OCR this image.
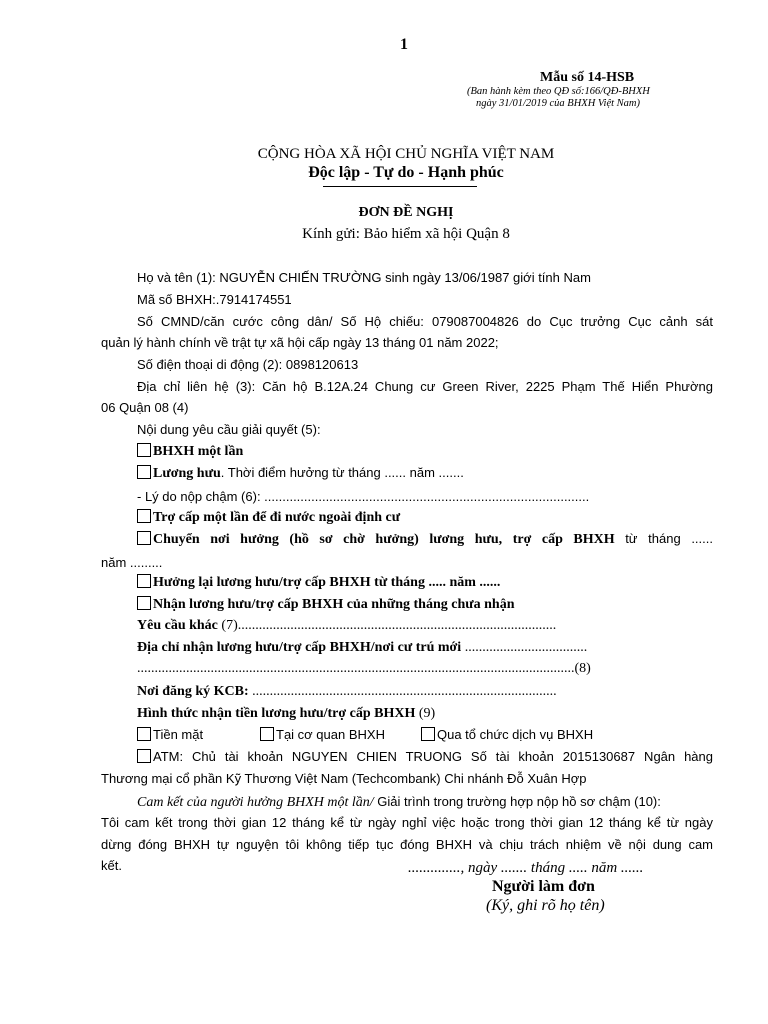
1
Mẫu số 14-HSB
(Ban hành kèm theo QĐ số:166/QĐ-BHXH
ngày 31/01/2019 của BHXH Việt Nam)
CỘNG HÒA XÃ HỘI CHỦ NGHĨA VIỆT NAM
Độc lập - Tự do - Hạnh phúc
ĐƠN ĐỀ NGHỊ
Kính gửi: Bảo hiểm xã hội Quận 8
Họ và tên (1): NGUYỄN CHIẾN TRƯỜNG sinh ngày 13/06/1987 giới tính Nam
Mã số BHXH:.7914174551
Số CMND/căn cước công dân/ Số Hộ chiếu: 079087004826 do Cục trưởng Cục cảnh sát
quản lý hành chính về trật tự xã hội cấp ngày 13 tháng 01 năm 2022;
Số điện thoại di động (2): 0898120613
Địa chỉ liên hệ (3): Căn hộ B.12A.24 Chung cư Green River, 2225 Phạm Thế Hiển Phường
06 Quận 08 (4)
Nội dung yêu cầu giải quyết (5):
BHXH một lần
Lương hưu. Thời điểm hưởng từ tháng ...... năm .......
- Lý do nộp chậm (6): ..........................................................................................
Trợ cấp một lần để đi nước ngoài định cư
Chuyển nơi hưởng (hồ sơ chờ hưởng) lương hưu, trợ cấp BHXH từ tháng ......
năm .........
Hưởng lại lương hưu/trợ cấp BHXH từ tháng ..... năm ......
Nhận lương hưu/trợ cấp BHXH của những tháng chưa nhận
Yêu cầu khác (7)...........................................................................................
Địa chỉ nhận lương hưu/trợ cấp BHXH/nơi cư trú mới ...................................
.............................................................................................................................(8)
Nơi đăng ký KCB: .......................................................................................
Hình thức nhận tiền lương hưu/trợ cấp BHXH (9)
Tiền mặt	Tại cơ quan BHXH	Qua tổ chức dịch vụ BHXH
ATM: Chủ tài khoản NGUYEN CHIEN TRUONG Số tài khoản 2015130687 Ngân hàng
Thương mại cổ phần Kỹ Thương Việt Nam (Techcombank) Chi nhánh Đỗ Xuân Hợp
Cam kết của người hưởng BHXH một lần/ Giải trình trong trường hợp nộp hồ sơ chậm (10):
Tôi cam kết trong thời gian 12 tháng kể từ ngày nghỉ việc hoặc trong thời gian 12 tháng kể từ ngày
dừng đóng BHXH tự nguyện tôi không tiếp tục đóng BHXH và chịu trách nhiệm về nội dung cam
kết.	.............., ngày ....... tháng ..... năm ......
Người làm đơn
(Ký, ghi rõ họ tên)
